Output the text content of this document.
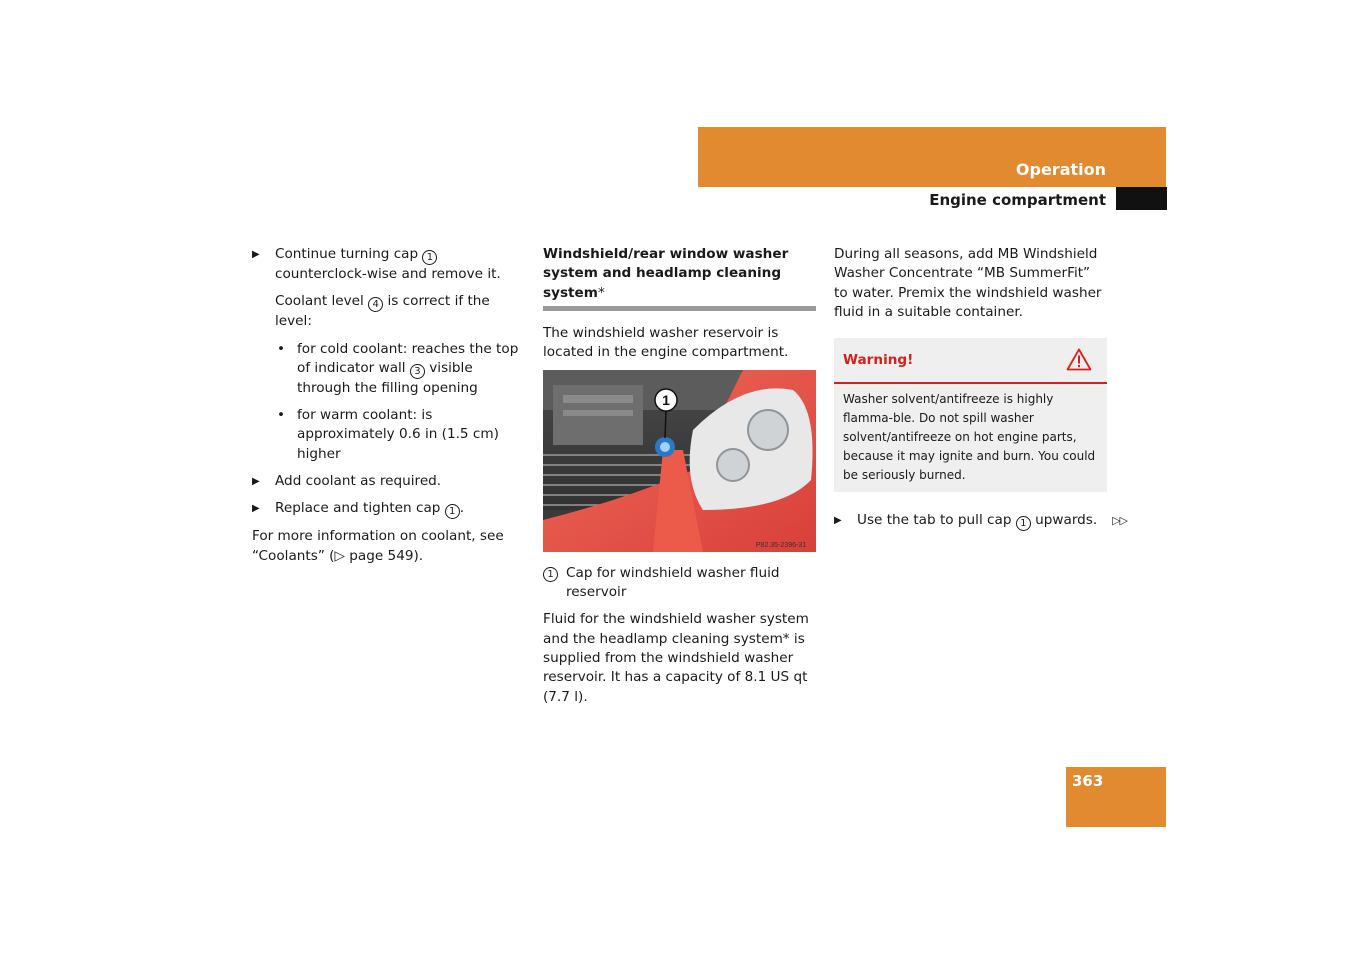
Operation
Engine compartment
▶ Continue turning cap 1 counterclock-wise and remove it.
Coolant level 4 is correct if the level:
• for cold coolant: reaches the top of indicator wall 3 visible through the filling opening
• for warm coolant: is approximately 0.6 in (1.5 cm) higher
▶ Add coolant as required.
▶ Replace and tighten cap 1 .
For more information on coolant, see “Coolants” (▷ page 549).
Windshield/rear window washer system and headlamp cleaning system*
The windshield washer reservoir is located in the engine compartment.
1
P82.35-2396-31
1 Cap for windshield washer fluid reservoir
Fluid for the windshield washer system and the headlamp cleaning system* is supplied from the windshield washer reservoir. It has a capacity of 8.1 US qt (7.7 l).
During all seasons, add MB Windshield Washer Concentrate “MB SummerFit” to water. Premix the windshield washer fluid in a suitable container.
Warning!
Washer solvent/antifreeze is highly flamma-ble. Do not spill washer solvent/antifreeze on hot engine parts, because it may ignite and burn. You could be seriously burned.
▶ Use the tab to pull cap 1 upwards. ▷▷
363
